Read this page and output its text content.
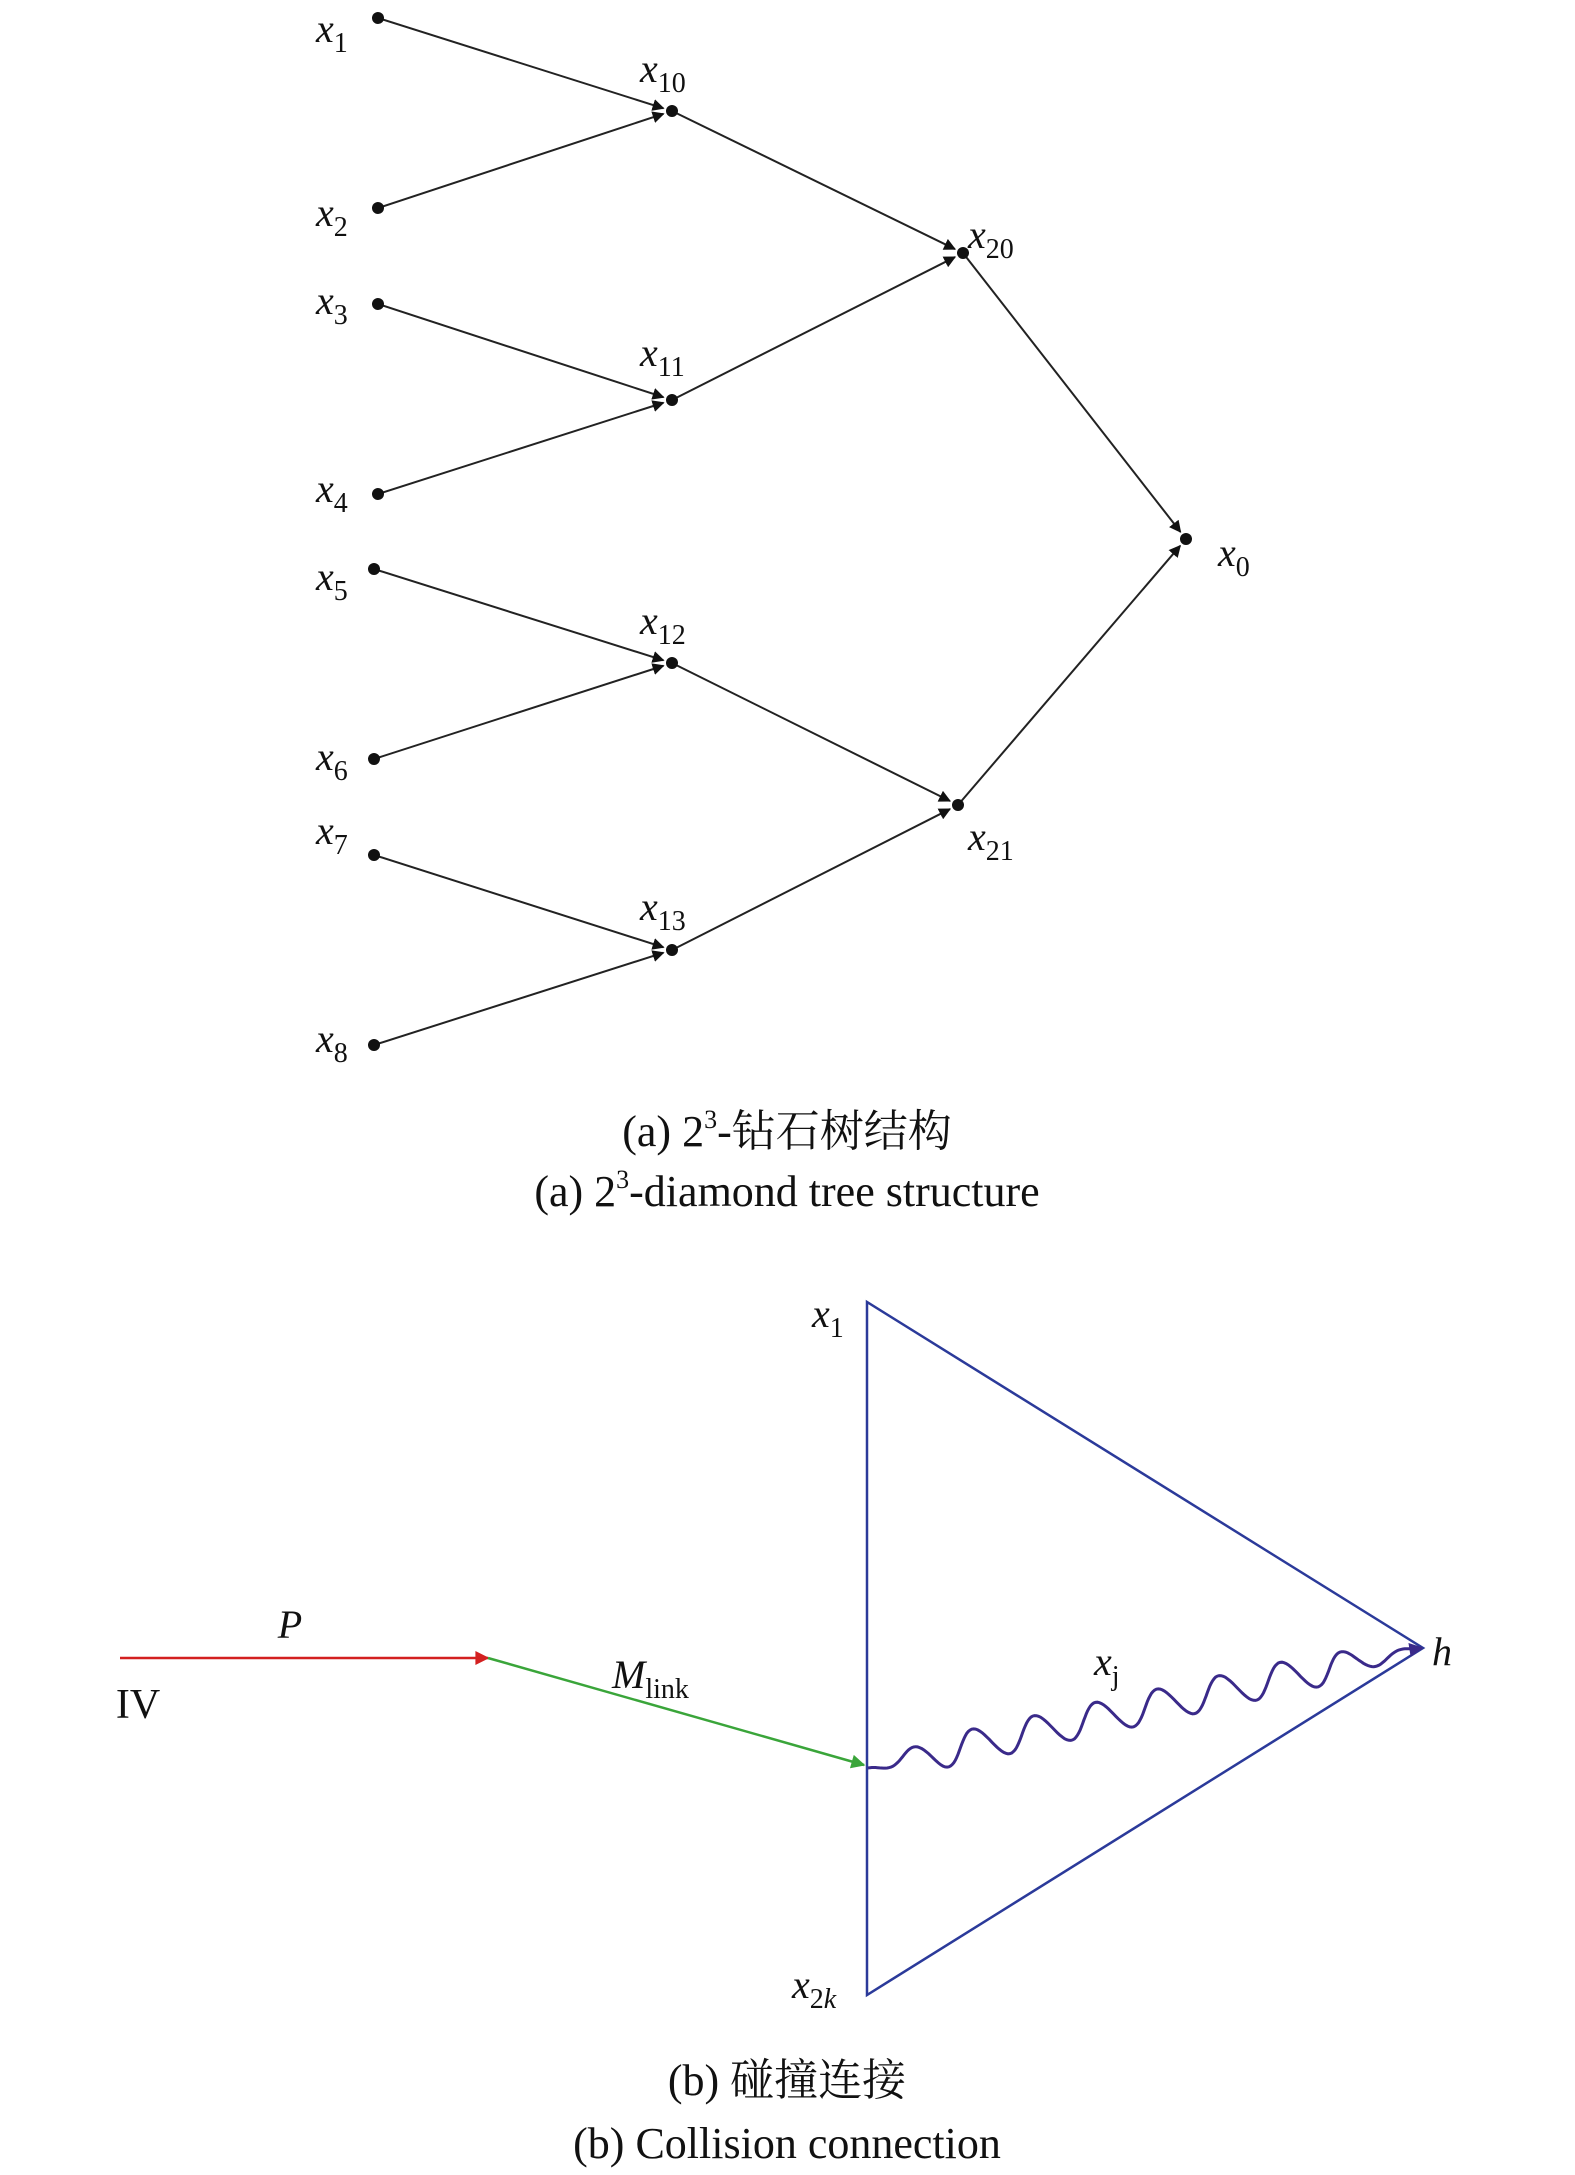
x1
x2
x3
x4
x5
x6
x7
x8
x10
x11
x12
x13
x20
x21
x0
(a) $2^3-$钻石树结构
(a) $2^3$-diamond tree structure
P
IV
Mlink
xj
x1
x2k
h
(b) 碰撞连接
(b) Collision connection
